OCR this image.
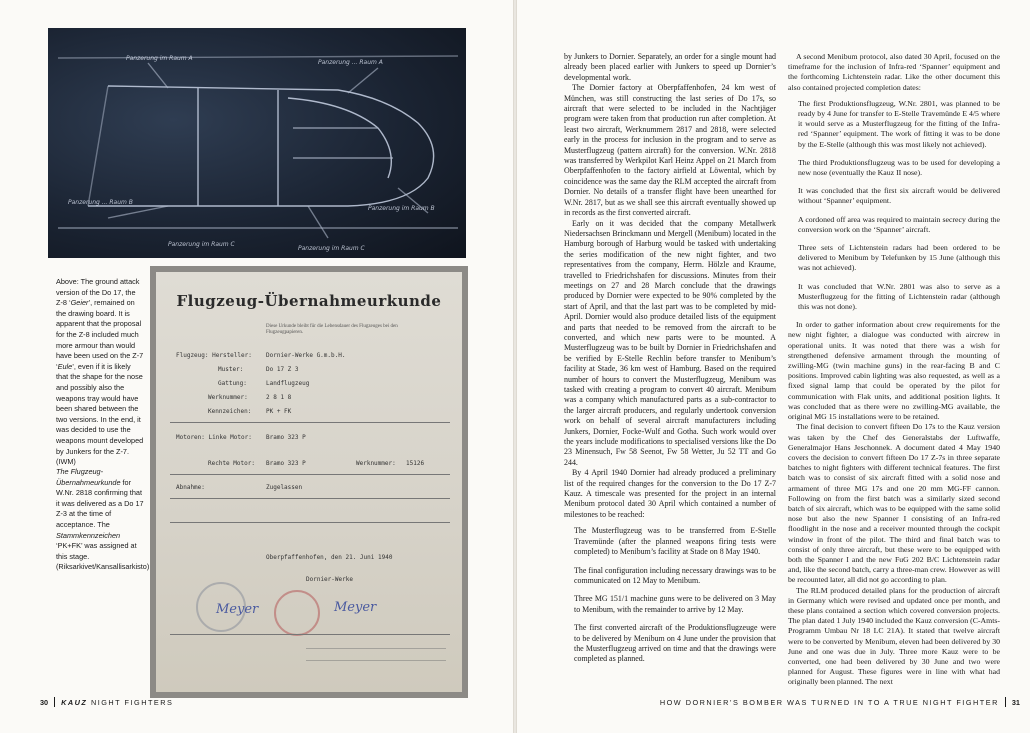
Panzerung im Raum A
Panzerung ... Raum A
Panzerung ... Raum B
Panzerung im Raum B
Panzerung im Raum C
Panzerung im Raum C
Above: The ground attack version of the Do 17, the Z-8 ‘Geier’, remained on the drawing board. It is apparent that the proposal for the Z-8 included much more armour than would have been used on the Z-7 ‘Eule’, even if it is likely that the shape for the nose and possibly also the weapons tray would have been shared between the two versions. In the end, it was decided to use the weapons mount developed by Junkers for the Z-7. (IWM)
The Flugzeug-Übernahmeurkunde for W.Nr. 2818 confirming that it was delivered as a Do 17 Z-3 at the time of acceptance. The Stammkennzeichen ‘PK+FK’ was assigned at this stage. (Riksarkivet/Kansallisarkisto)
Flugzeug-Übernahmeurkunde
Diese Urkunde bleibt für die Lebensdauer des Flugzeuges bei den Flugzeugpapieren.
Flugzeug: Hersteller: Dornier-Werke G.m.b.H.
Muster:	Do 17 Z 3
Gattung:	Landflugzeug
Werknummer:	2 8 1 8
Kennzeichen: PK + FK
Motoren: Linke Motor: Bramo 323 P
Rechte Motor: Bramo 323 P	Werknummer: 15126
Abnahme:	Zugelassen
Oberpfaffenhofen, den 21. Juni 1940
Dornier-Werke
Meyer	Meyer
30 KAUZ NIGHT FIGHTERS

by Junkers to Dornier. Separately, an order for a single mount had already been placed earlier with Junkers to speed up Dornier’s developmental work.

The Dornier factory at Oberpfaffenhofen, 24 km west of München, was still constructing the last series of Do 17s, so aircraft that were selected to be included in the Nachtjäger program were taken from that production run after completion. At least two aircraft, Werknummern 2817 and 2818, were selected early in the process for inclusion in the program and to serve as Musterflugzeug (pattern aircraft) for the conversion. W.Nr. 2818 was transferred by Werkpilot Karl Heinz Appel on 21 March from Oberpfaffenhofen to the factory airfield at Löwental, which by coincidence was the same day the RLM accepted the aircraft from Dornier. No details of a transfer flight have been unearthed for W.Nr. 2817, but as we shall see this aircraft eventually showed up in records as the first converted aircraft.

Early on it was decided that the company Metallwerk Niedersachsen Brinckmann und Mergell (Menibum) located in the Hamburg borough of Harburg would be tasked with undertaking the series modification of the new night fighter, and two representatives from the company, Herrn. Hölzle and Kraume, travelled to Friedrichshafen for discussions. Minutes from their meetings on 27 and 28 March conclude that the drawings produced by Dornier were expected to be 90% completed by the start of April, and that the last part was to be completed by mid-April. Dornier would also produce detailed lists of the equipment and parts that needed to be removed from the aircraft to be converted, and which new parts were to be mounted. A Musterflugzeug was to be built by Dornier in Friedrichshafen and be verified by E-Stelle Rechlin before transfer to Menibum’s facility at Stade, 36 km west of Hamburg. Based on the required number of hours to convert the Musterflugzeug, Menibum was tasked with creating a program to convert 40 aircraft. Menibum was a company which manufactured parts as a sub-contractor to the larger aircraft producers, and regularly undertook conversion work on behalf of several aircraft manufacturers including Junkers, Dornier, Focke-Wulf and Gotha. Such work would over the years include modifications to specialised versions like the Do 23 Minensuch, Fw 58 Seenot, Fw 58 Wetter, Ju 52 TT and Go 244.

By 4 April 1940 Dornier had already produced a preliminary list of the required changes for the conversion to the Do 17 Z-7 Kauz. A timescale was presented for the project in an internal Menibum protocol dated 30 April which contained a number of milestones to be reached:

The Musterflugzeug was to be transferred from E-Stelle Travemünde (after the planned weapons firing tests were completed) to Menibum’s facility at Stade on 8 May 1940.

The final configuration including necessary drawings was to be communicated on 12 May to Menibum.

Three MG 151/1 machine guns were to be delivered on 3 May to Menibum, with the remainder to arrive by 12 May.

The first converted aircraft of the Produktionsflugzeuge were to be delivered by Menibum on 4 June under the provision that the Musterflugzeug arrived on time and that the drawings were completed as planned.

A second Menibum protocol, also dated 30 April, focused on the timeframe for the inclusion of Infra-red ‘Spanner’ equipment and the forthcoming Lichtenstein radar. Like the other document this also contained projected completion dates:

The first Produktionsflugzeug, W.Nr. 2801, was planned to be ready by 4 June for transfer to E-Stelle Travemünde E 4/5 where it would serve as a Musterflugzeug for the fitting of the Infra-red ‘Spanner’ equipment. The work of fitting it was to be done by the E-Stelle (although this was most likely not achieved).

The third Produktionsflugzeug was to be used for developing a new nose (eventually the Kauz II nose).

It was concluded that the first six aircraft would be delivered without ‘Spanner’ equipment.

A cordoned off area was required to maintain secrecy during the conversion work on the ‘Spanner’ aircraft.

Three sets of Lichtenstein radars had been ordered to be delivered to Menibum by Telefunken by 15 June (although this was not achieved).

It was concluded that W.Nr. 2801 was also to serve as a Musterflugzeug for the fitting of Lichtenstein radar (although this was not done).

In order to gather information about crew requirements for the new night fighter, a dialogue was conducted with aircrew in operational units. It was noted that there was a wish for strengthened defensive armament through the mounting of zwilling-MG (twin machine guns) in the rear-facing B and C positions. Improved cabin lighting was also requested, as well as a fixed signal lamp that could be operated by the pilot for communication with Flak units, and additional position lights. It was concluded that as there were no zwilling-MG available, the original MG 15 installations were to be retained.

The final decision to convert fifteen Do 17s to the Kauz version was taken by the Chef des Generalstabs der Luftwaffe, Generalmajor Hans Jeschonnek. A document dated 4 May 1940 covers the decision to convert fifteen Do 17 Z-7s in three separate batches to night fighters with different technical features. The first batch was to consist of six aircraft fitted with a solid nose and armament of three MG 17s and one 20 mm MG-FF cannon. Following on from the first batch was a similarly sized second batch of six aircraft, which was to be equipped with the same solid nose but also the new Spanner I consisting of an Infra-red floodlight in the nose and a receiver mounted through the cockpit window in front of the pilot. The third and final batch was to consist of only three aircraft, but these were to be equipped with both the Spanner I and the new FuG 202 B/C Lichtenstein radar and, like the second batch, carry a three-man crew. However as will be recounted later, all did not go according to plan.

The RLM produced detailed plans for the production of aircraft in Germany which were revised and updated once per month, and these plans contained a section which covered conversion projects. The plan dated 1 July 1940 included the Kauz conversion (C-Amts-Programm Umbau Nr 18 LC 21A). It stated that twelve aircraft were to be converted by Menibum, eleven had been delivered by 30 June and one was due in July. Three more Kauz were to be converted, one had been delivered by 30 June and two were planned for August. These figures were in line with what had originally been planned. The next

HOW DORNIER’S BOMBER WAS TURNED IN TO A TRUE NIGHT FIGHTER 31
